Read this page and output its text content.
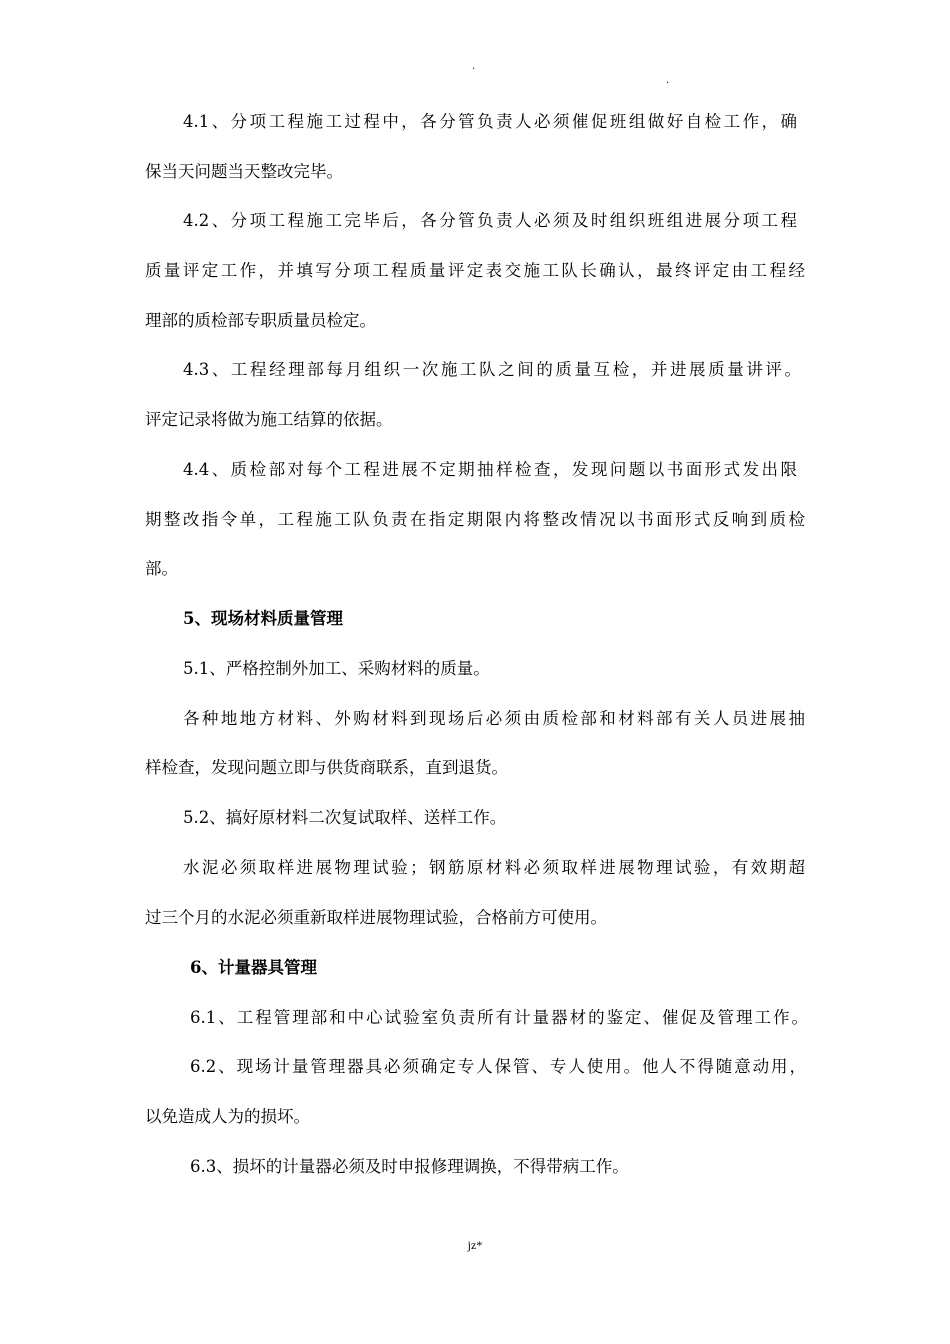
.
.
4.1、分项工程施工过程中，各分管负责人必须催促班组做好自检工作，确
保当天问题当天整改完毕。
4.2、分项工程施工完毕后，各分管负责人必须及时组织班组进展分项工程
质量评定工作，并填写分项工程质量评定表交施工队长确认，最终评定由工程经
理部的质检部专职质量员检定。
4.3、工程经理部每月组织一次施工队之间的质量互检，并进展质量讲评。
评定记录将做为施工结算的依据。
4.4、质检部对每个工程进展不定期抽样检查，发现问题以书面形式发出限
期整改指令单，工程施工队负责在指定期限内将整改情况以书面形式反响到质检
部。
5、现场材料质量管理
5.1、严格控制外加工、采购材料的质量。
各种地地方材料、外购材料到现场后必须由质检部和材料部有关人员进展抽
样检查，发现问题立即与供货商联系，直到退货。
5.2、搞好原材料二次复试取样、送样工作。
水泥必须取样进展物理试验；钢筋原材料必须取样进展物理试验，有效期超
过三个月的水泥必须重新取样进展物理试验，合格前方可使用。
6、计量器具管理
6.1、工程管理部和中心试验室负责所有计量器材的鉴定、催促及管理工作。
6.2、现场计量管理器具必须确定专人保管、专人使用。他人不得随意动用，
以免造成人为的损坏。
6.3、损坏的计量器必须及时申报修理调换，不得带病工作。
jz*
